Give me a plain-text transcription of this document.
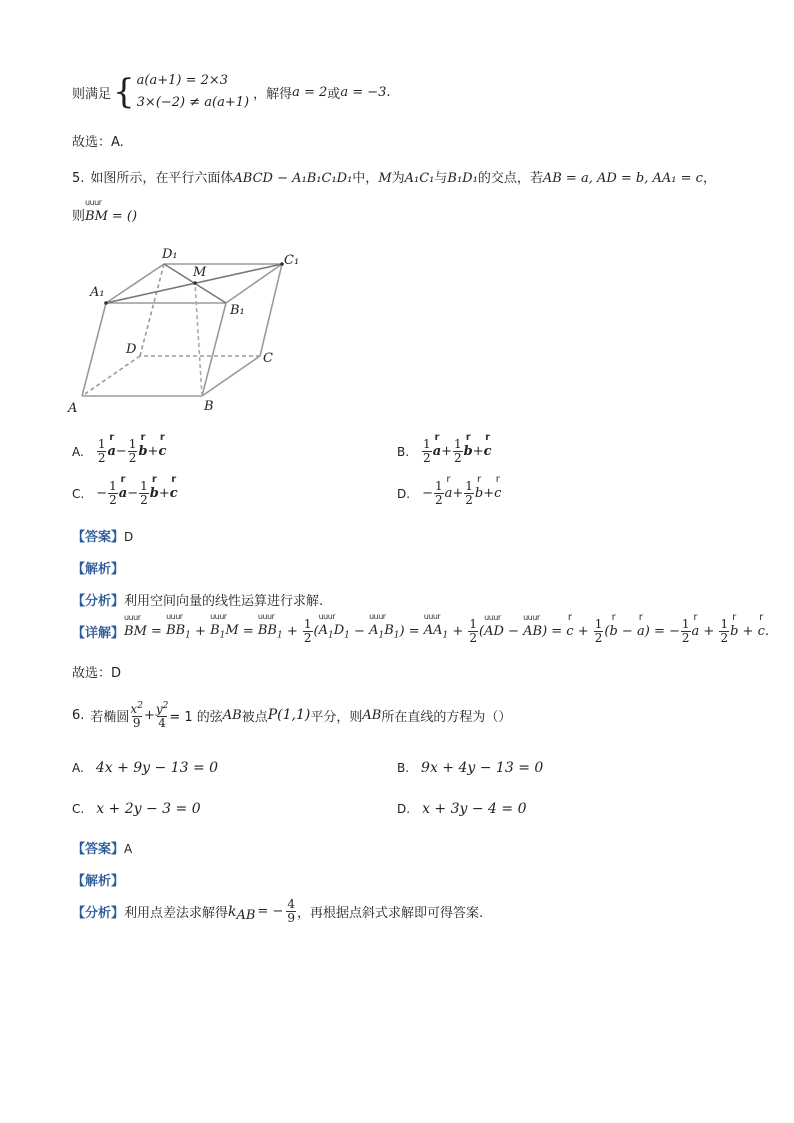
则满足 { a(a+1) = 2×3
3×(−2) ≠ a(a+1)
，解得 a = 2 或 a = −3 .
故选：A.
5. 如图所示，在平行六面体 ABCD − A₁B₁C₁D₁ 中， M 为 A₁C₁ 与 B₁D₁ 的交点，若 AB = a, AD = b, AA₁ = c ，
则 uuur BM = ()
A	B
C
D
A₁
B₁
C₁
D₁
M
A. $\frac{1}{2}$ r $a - \frac{1}{2}$ r b + r c	B. $\frac{1}{2}$ r $a + \frac{1}{2}$ r b + r c
C. − $\frac{1}{2}$ r $a - \frac{1}{2}$ r b + r c	D. − $\frac{1}{2}$ r $a + \frac{1}{2}$ r b + r c
【答案】D
【解析】
【分析】利用空间向量的线性运算进行求解.
【详解】 uuur BM = uuur $BB_1$ + uuur $B_1M$ = uuur $BB_1 + \frac{1}{2}$ ( uuur $A_1D_1$ − uuur $A_1B_1$ ) = uuur $AA_1 + \frac{1}{2}$ ( uuur AD − uuur AB ) = r $c + \frac{1}{2}$ ( r b − r a ) = − $\frac{1}{2}$ r $a + \frac{1}{2}$ r b + r c .
故选：D
6. 若椭圆 $\frac{x^2}{9} + \frac{y^2}{4} = 1$ 的弦 AB 被点 P(1,1) 平分，则 AB 所在直线的方程为（）
A. 4x + 9y − 13 = 0	B. 9x + 4y − 13 = 0
C. x + 2y − 3 = 0	D. x + 3y − 4 = 0
【答案】A
【解析】
【分析】 利用点差法求解得 k AB = − $\frac{4}{9}$ ，再根据点斜式求解即可得答案.
